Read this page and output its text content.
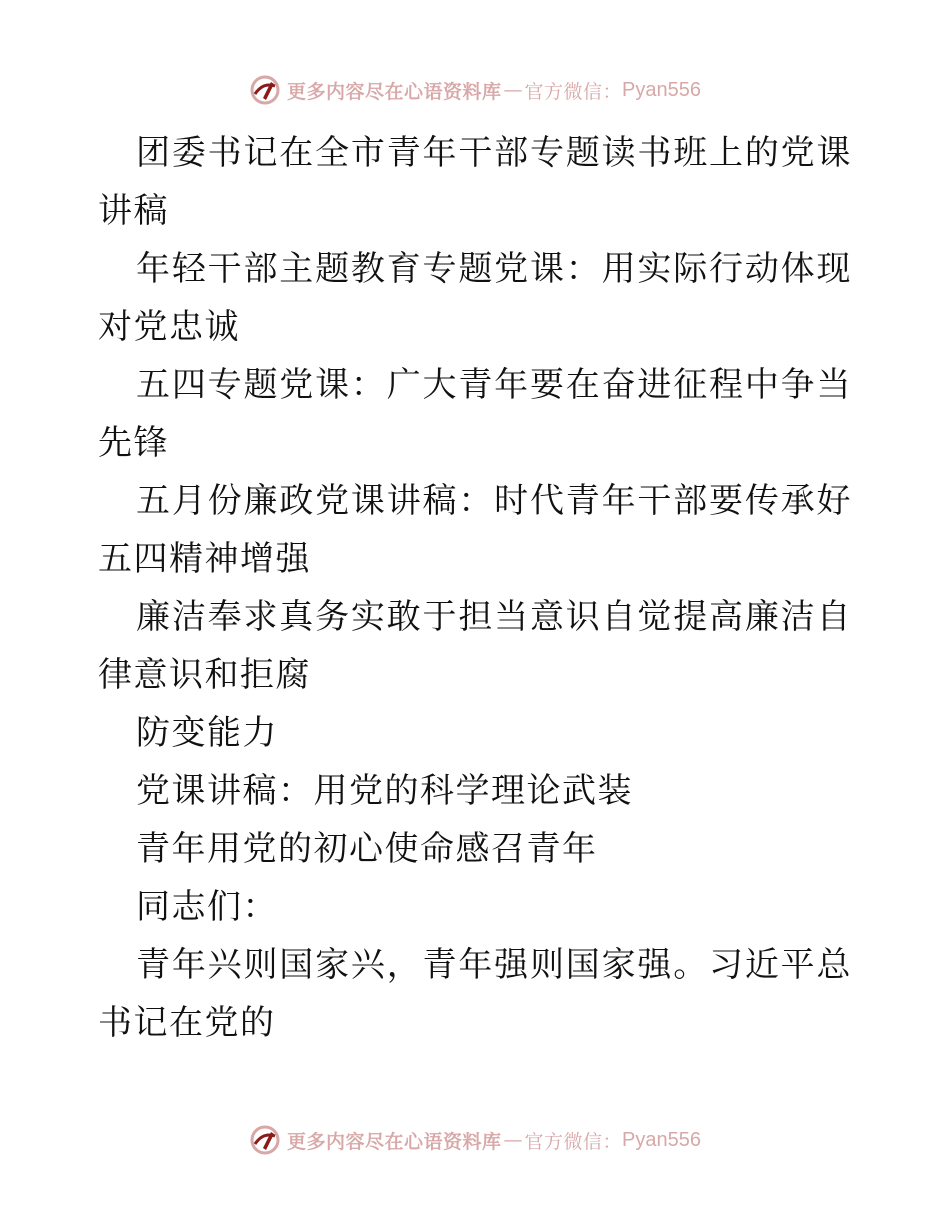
更多内容尽在心语资料库 — 官方微信： Pyan556

团委书记在全市青年干部专题读书班上的党课讲稿

年轻干部主题教育专题党课：用实际行动体现对党忠诚

五四专题党课：广大青年要在奋进征程中争当先锋

五月份廉政党课讲稿：时代青年干部要传承好五四精神增强

廉洁奉求真务实敢于担当意识自觉提高廉洁自律意识和拒腐

防变能力

党课讲稿：用党的科学理论武装

青年用党的初心使命感召青年

同志们：

青年兴则国家兴，青年强则国家强。习近平总书记在党的

更多内容尽在心语资料库 — 官方微信： Pyan556
